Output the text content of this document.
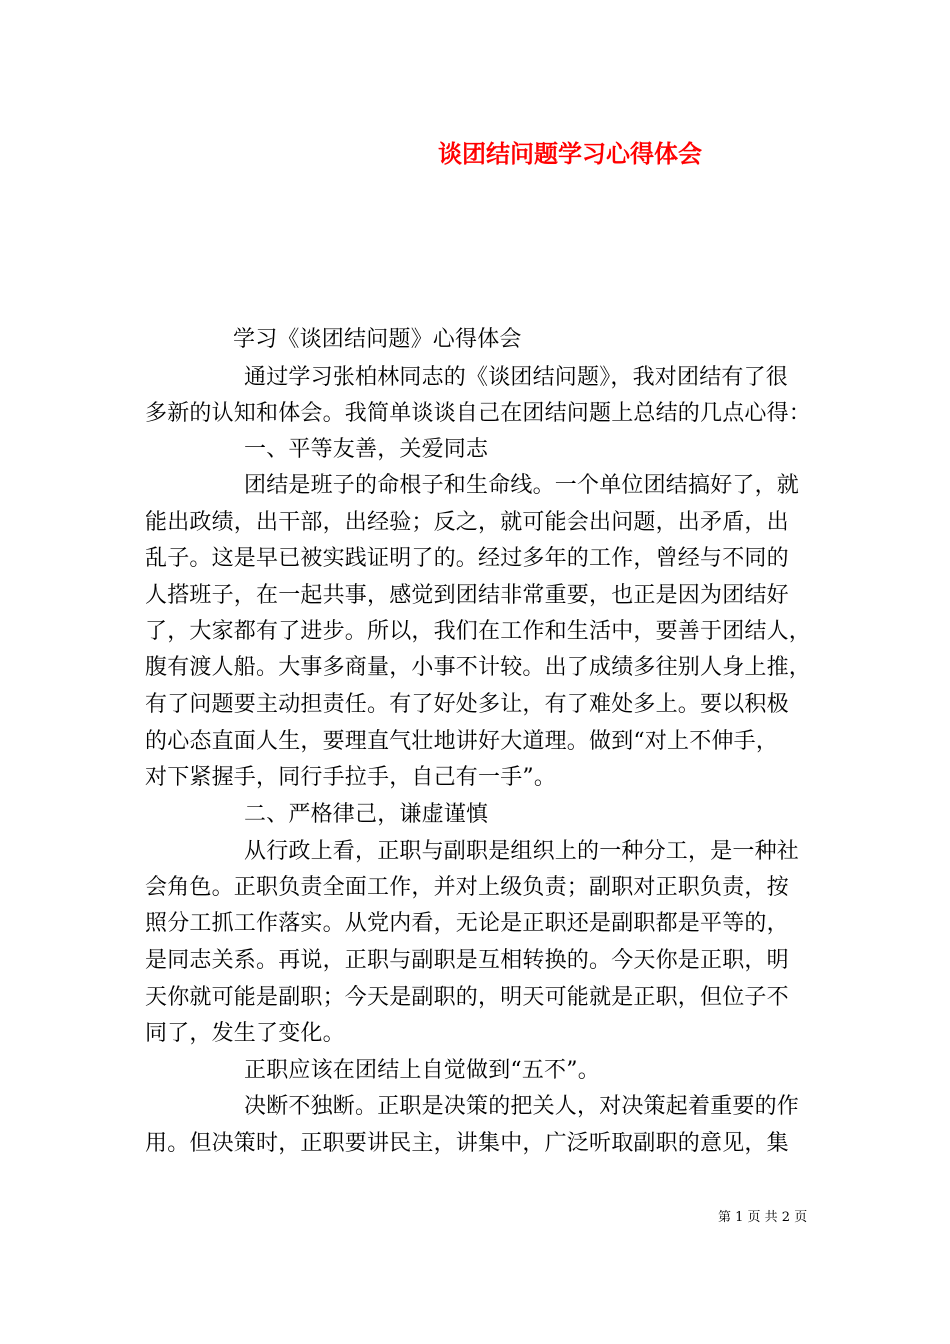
谈团结问题学习心得体会
学习《谈团结问题》心得体会
通过学习张柏林同志的《谈团结问题》，我对团结有了很
多新的认知和体会。我简单谈谈自己在团结问题上总结的几点心得：
一、平等友善，关爱同志
团结是班子的命根子和生命线。一个单位团结搞好了，就
能出政绩，出干部，出经验；反之，就可能会出问题，出矛盾，出
乱子。这是早已被实践证明了的。经过多年的工作，曾经与不同的
人搭班子，在一起共事，感觉到团结非常重要，也正是因为团结好
了，大家都有了进步。所以，我们在工作和生活中，要善于团结人，
腹有渡人船。大事多商量，小事不计较。出了成绩多往别人身上推，
有了问题要主动担责任。有了好处多让，有了难处多上。要以积极
的心态直面人生，要理直气壮地讲好大道理。做到“对上不伸手，
对下紧握手，同行手拉手，自己有一手”。
二、严格律己，谦虚谨慎
从行政上看，正职与副职是组织上的一种分工，是一种社
会角色。正职负责全面工作，并对上级负责；副职对正职负责，按
照分工抓工作落实。从党内看，无论是正职还是副职都是平等的，
是同志关系。再说，正职与副职是互相转换的。今天你是正职，明
天你就可能是副职；今天是副职的，明天可能就是正职，但位子不
同了，发生了变化。
正职应该在团结上自觉做到“五不”。
决断不独断。正职是决策的把关人，对决策起着重要的作
用。但决策时，正职要讲民主，讲集中，广泛听取副职的意见，集
第 1 页 共 2 页
